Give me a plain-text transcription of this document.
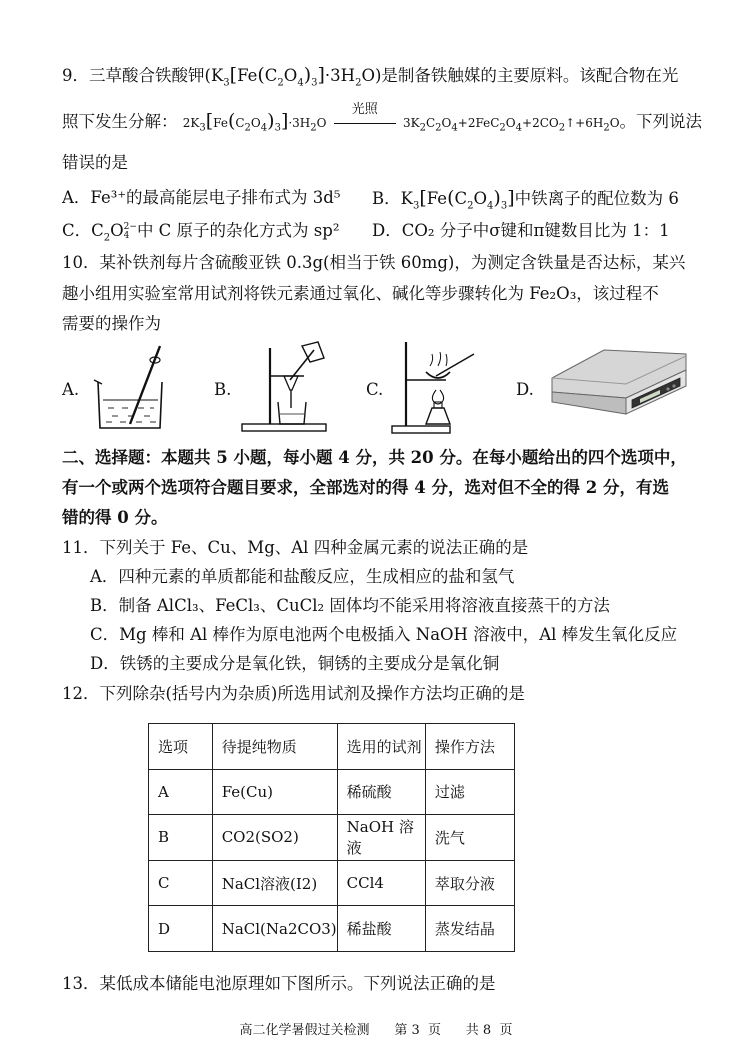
9．三草酸合铁酸钾$(K_3[Fe(C_2O_4)_3]\cdot 3H_2O)$是制备铁触媒的主要原料。该配合物在光
照下发生分解： $2K_3[Fe(C_2O_4)_3]\cdot 3H_2O$
光照
$3K_2C_2O_4+2FeC_2O_4+2CO_2↑+6H_2O$。下列说法
错误的是
A．Fe³⁺的最高能层电子排布式为 3d⁵ B．$K_3[Fe(C_2O_4)_3]$中铁离子的配位数为 6
C．$C_2O2-$
4 中 C 原子的杂化方式为 sp² D．CO₂ 分子中σ键和π键数目比为 1：1
10．某补铁剂每片含硫酸亚铁 0.3g(相当于铁 60mg)，为测定含铁量是否达标，某兴
趣小组用实验室常用试剂将铁元素通过氧化、碱化等步骤转化为 Fe₂O₃，该过程不
需要的操作为
A.	B.	C.	D.
二、选择题：本题共 5 小题，每小题 4 分，共 20 分。在每小题给出的四个选项中，
有一个或两个选项符合题目要求，全部选对的得 4 分，选对但不全的得 2 分，有选
错的得 0 分。
11．下列关于 Fe、Cu、Mg、Al 四种金属元素的说法正确的是
A．四种元素的单质都能和盐酸反应，生成相应的盐和氢气
B．制备 AlCl₃、FeCl₃、CuCl₂ 固体均不能采用将溶液直接蒸干的方法
C．Mg 棒和 Al 棒作为原电池两个电极插入 NaOH 溶液中，Al 棒发生氧化反应
D．铁锈的主要成分是氧化铁，铜锈的主要成分是氧化铜
12．下列除杂(括号内为杂质)所选用试剂及操作方法均正确的是
选项	待提纯物质	选用的试剂	操作方法
A	Fe(Cu)	稀硫酸	过滤
B	CO2(SO2)	NaOH 溶液	洗气
C	NaCl溶液(I2)	CCl4	萃取分液
D	NaCl(Na2CO3)	稀盐酸	蒸发结晶
13．某低成本储能电池原理如下图所示。下列说法正确的是
高二化学暑假过关检测      第 3  页      共 8  页
